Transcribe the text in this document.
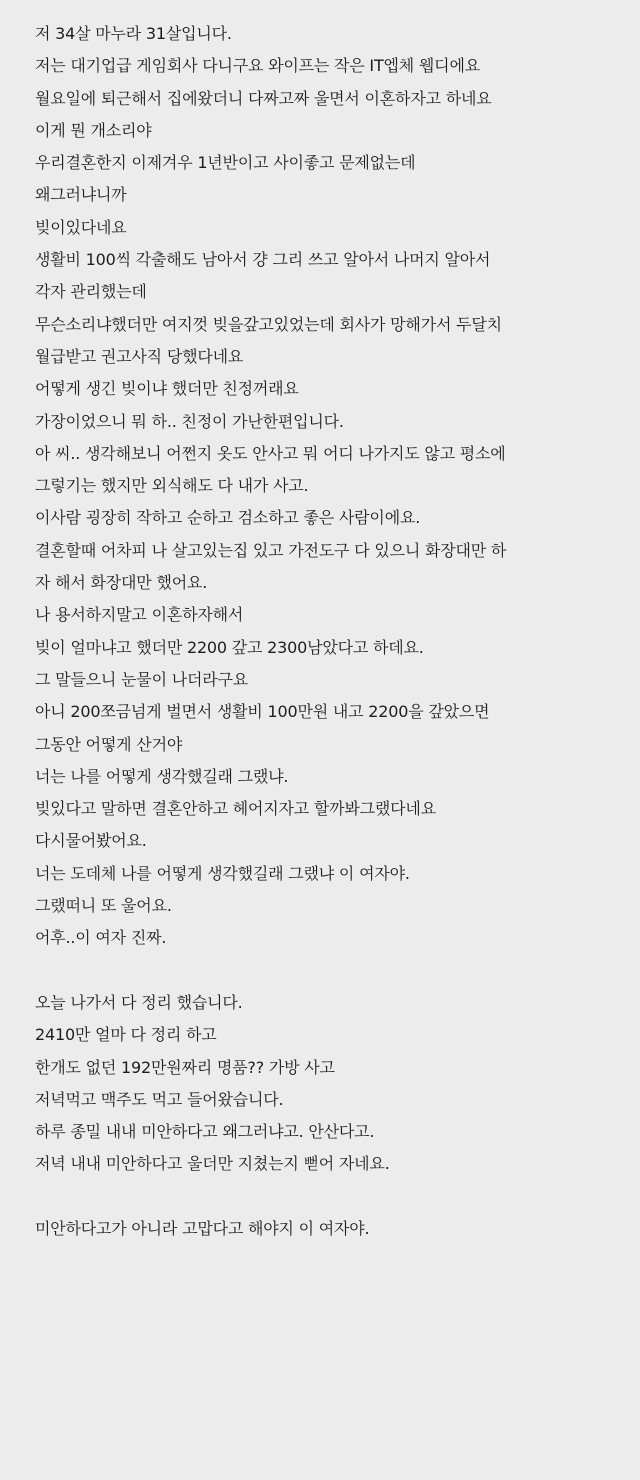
저 34살 마누라 31살입니다.
저는 대기업급 게임회사 다니구요 와이프는 작은 IT엡체 웹디에요
월요일에 퇴근해서 집에왔더니 다짜고짜 울면서 이혼하자고 하네요
이게 뭔 개소리야
우리결혼한지 이제겨우 1년반이고 사이좋고 문제없는데
왜그러냐니까
빚이있다네요
생활비 100씩 각출해도 남아서 걍 그리 쓰고 알아서 나머지 알아서
각자 관리했는데
무슨소리냐했더만 여지껏 빚을갚고있었는데 회사가 망해가서 두달치
월급받고 권고사직 당했다네요
어떻게 생긴 빚이냐 했더만 친정꺼래요
가장이었으니 뭐 하.. 친정이 가난한편입니다.
아 씨.. 생각해보니 어쩐지 옷도 안사고 뭐 어디 나가지도 않고 평소에
그렇기는 했지만 외식해도 다 내가 사고.
이사람 굉장히 작하고 순하고 검소하고 좋은 사람이에요.
결혼할때 어차피 나 살고있는집 있고 가전도구 다 있으니 화장대만 하
자 해서 화장대만 했어요.
나 용서하지말고 이혼하자해서
빚이 얼마냐고 했더만 2200 갚고 2300남았다고 하데요.
그 말들으니 눈물이 나더라구요
아니 200쪼금넘게 벌면서 생활비 100만원 내고 2200을 갚았으면
그동안 어떻게 산거야
너는 나를 어떻게 생각했길래 그랬냐.
빚있다고 말하면 결혼안하고 헤어지자고 할까봐그랬다네요
다시물어봤어요.
너는 도데체 나를 어떻게 생각했길래 그랬냐 이 여자야.
그랬떠니 또 울어요.
어후..이 여자 진짜.
오늘 나가서 다 정리 했습니다.
2410만 얼마 다 정리 하고
한개도 없던 192만원짜리 명품?? 가방 사고
저녁먹고 맥주도 먹고 들어왔습니다.
하루 종밀 내내 미안하다고 왜그러냐고. 안산다고.
저녁 내내 미안하다고 울더만 지쳤는지 뻗어 자네요.
미안하다고가 아니라 고맙다고 해야지 이 여자야.
